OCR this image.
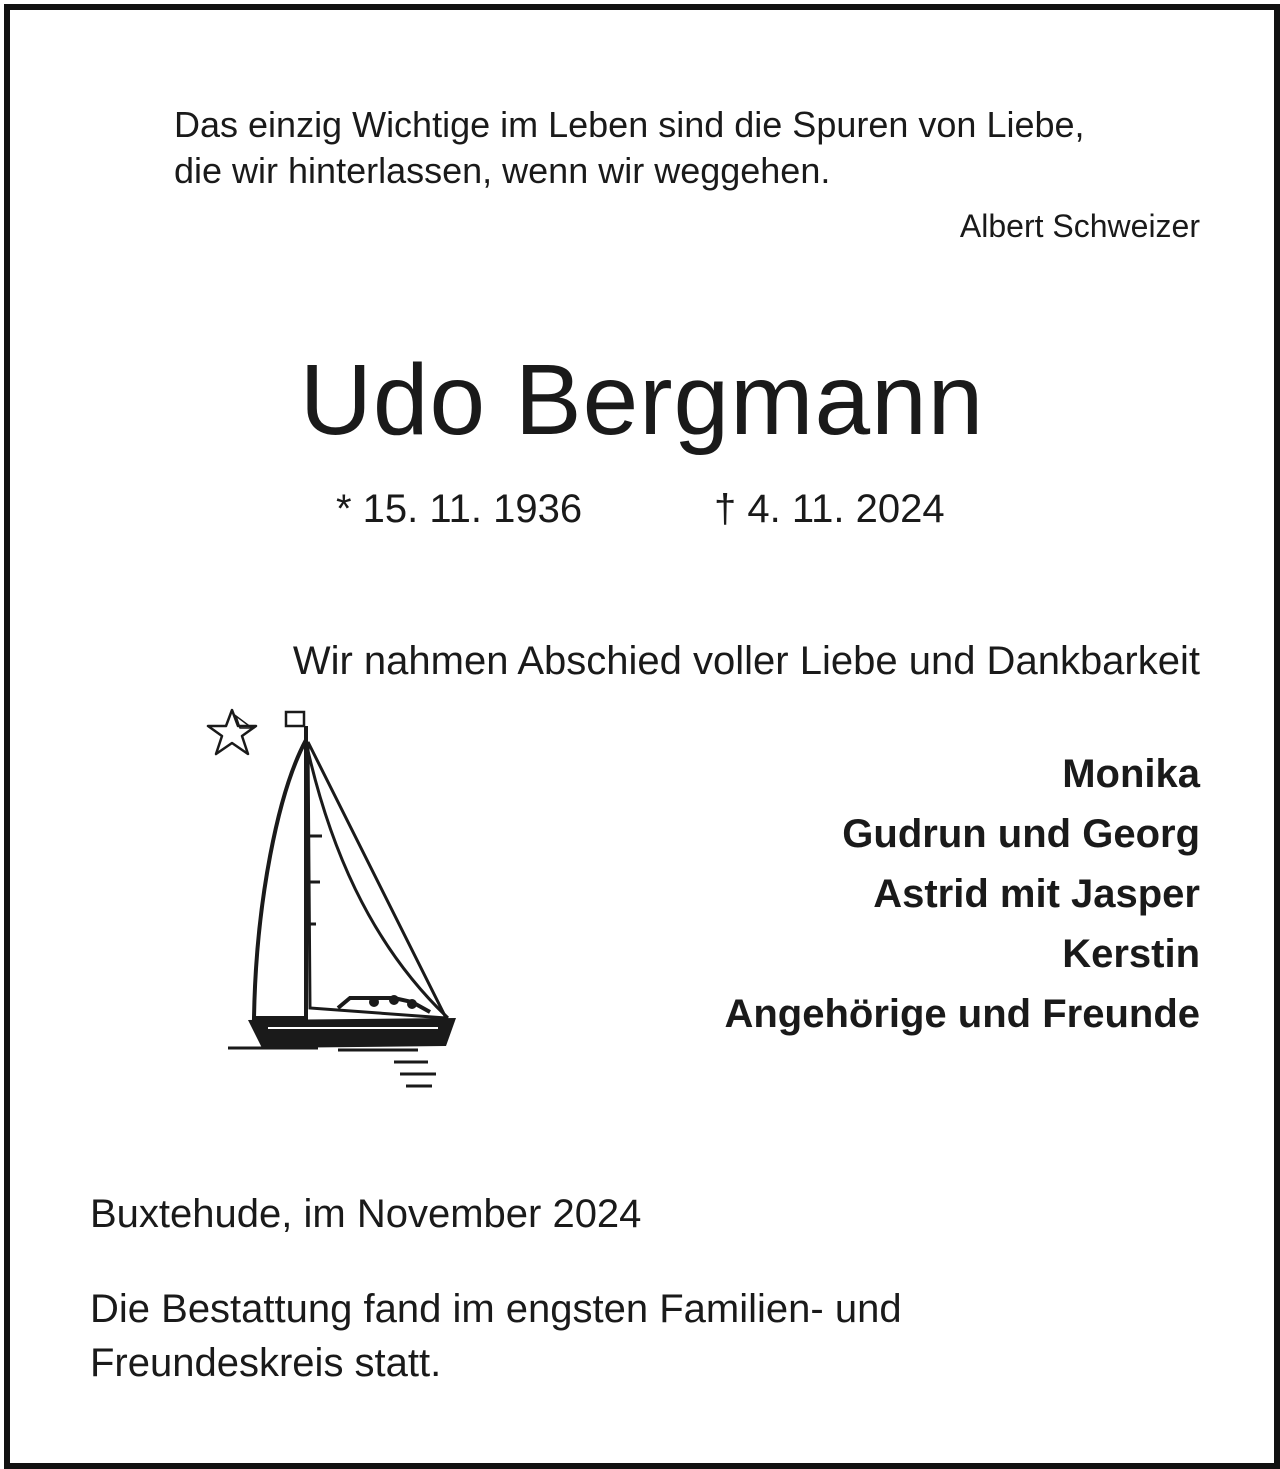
Das einzig Wichtige im Leben sind die Spuren von Liebe,
die wir hinterlassen, wenn wir weggehen.
Albert Schweizer
Udo Bergmann
* 15. 11. 1936	† 4. 11. 2024
Wir nahmen Abschied voller Liebe und Dankbarkeit
Monika
Gudrun und Georg
Astrid mit Jasper
Kerstin
Angehörige und Freunde
Buxtehude, im November 2024
Die Bestattung fand im engsten Familien- und
Freundeskreis statt.
